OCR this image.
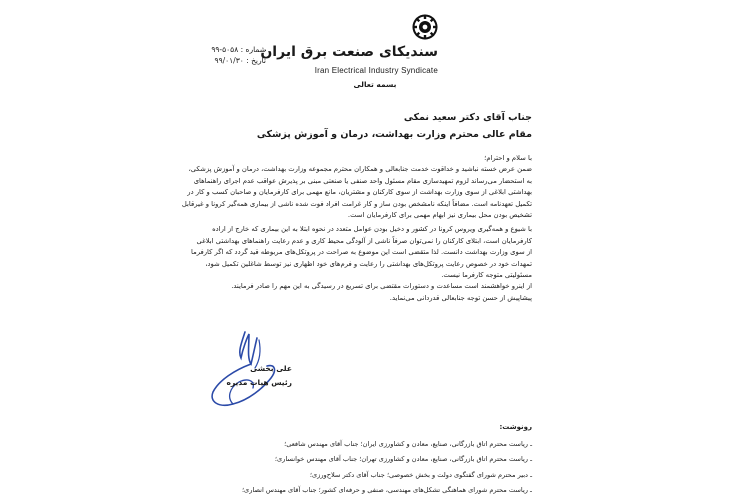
سندیکای صنعت برق ایران
Iran Electrical Industry Syndicate
شماره : ۵۰۵۸-۹۹
تاریخ : ۹۹/۰۱/۳۰
بسمه تعالی
جناب آقای دکتر سعید نمکی
مقام عالی محترم وزارت بهداشت، درمان و آموزش پزشکی
با سلام و احترام؛
ضمن عرض خسته نباشید و خداقوت خدمت جنابعالی و همکاران محترم مجموعه وزارت بهداشت، درمان و آموزش پزشکی،
به استحضار می‌رساند لزوم تمهیدسازی مقام مسئول واحد صنفی یا صنعتی مبنی بر پذیرش عواقب عدم اجرای راهنماهای
بهداشتی ابلاغی از سوی وزارت بهداشت از سوی کارکنان و مشتریان، مانع مهمی برای کارفرمایان و صاحبان کسب و کار در
تکمیل تعهدنامه است. مضافاً اینکه نامشخص بودن ساز و کار غرامت افراد فوت شده ناشی از بیماری همه‌گیر کرونا و غیرقابل
تشخیص بودن محل بیماری نیز ابهام مهمی برای کارفرمایان است.
با شیوع و همه‌گیری ویروس کرونا در کشور و دخیل بودن عوامل متعدد در نحوه ابتلا به این بیماری که خارج از اراده
کارفرمایان است، ابتلای کارکنان را نمی‌توان صرفاً ناشی از آلودگی محیط کاری و عدم رعایت راهنماهای بهداشتی ابلاغی
از سوی وزارت بهداشت دانست. لذا متقضی است این موضوع به صراحت در پروتکل‌های مربوطه قید گردد که اگر کارفرما
تمهدات خود در خصوص رعایت پروتکل‌های بهداشتی را رعایت و فرم‌های خود اظهاری نیز توسط شاغلین تکمیل شود،
مسئولیتی متوجه کارفرما نیست.
از اینرو خواهشمند است مساعدت و دستورات مقتضی برای تسریع در رسیدگی به این مهم را صادر فرمایند.
پیشاپیش از حسن توجه جنابعالی قدردانی می‌نماید.
علی بخشی
رئیس هیات مدیره
رونوشت:
ـ ریاست محترم اتاق بازرگانی، صنایع، معادن و کشاورزی ایران؛ جناب آقای مهندس شافعی؛
ـ ریاست محترم اتاق بازرگانی، صنایع، معادن و کشاورزی تهران؛ جناب آقای مهندس خوانساری؛
ـ دبیر محترم شورای گفتگوی دولت و بخش خصوصی؛ جناب آقای دکتر سلاح‌ورزی؛
ـ ریاست محترم شورای هماهنگی تشکل‌های مهندسی، صنفی و حرفه‌ای کشور؛ جناب آقای مهندس انصاری؛
